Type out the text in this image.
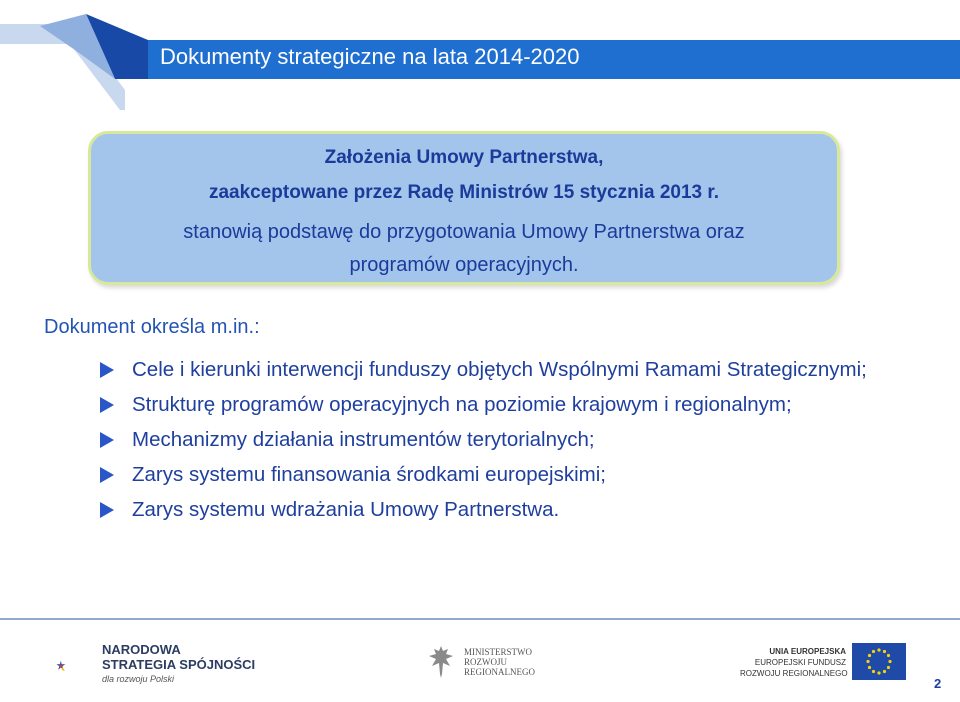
Dokumenty strategiczne na lata 2014-2020
Założenia Umowy Partnerstwa,
zaakceptowane przez Radę Ministrów 15 stycznia 2013 r.
stanowią podstawę do przygotowania Umowy Partnerstwa oraz
programów operacyjnych.
Dokument określa m.in.:
Cele i kierunki interwencji funduszy objętych Wspólnymi Ramami Strategicznymi;
Strukturę programów operacyjnych na poziomie krajowym i regionalnym;
Mechanizmy działania instrumentów terytorialnych;
Zarys systemu finansowania środkami europejskimi;
Zarys systemu wdrażania Umowy Partnerstwa.
NARODOWA
STRATEGIA SPÓJNOŚCI
dla rozwoju Polski
MINISTERSTWO
ROZWOJU
REGIONALNEGO
UNIA EUROPEJSKA
EUROPEJSKI FUNDUSZ
ROZWOJU REGIONALNEGO
2
